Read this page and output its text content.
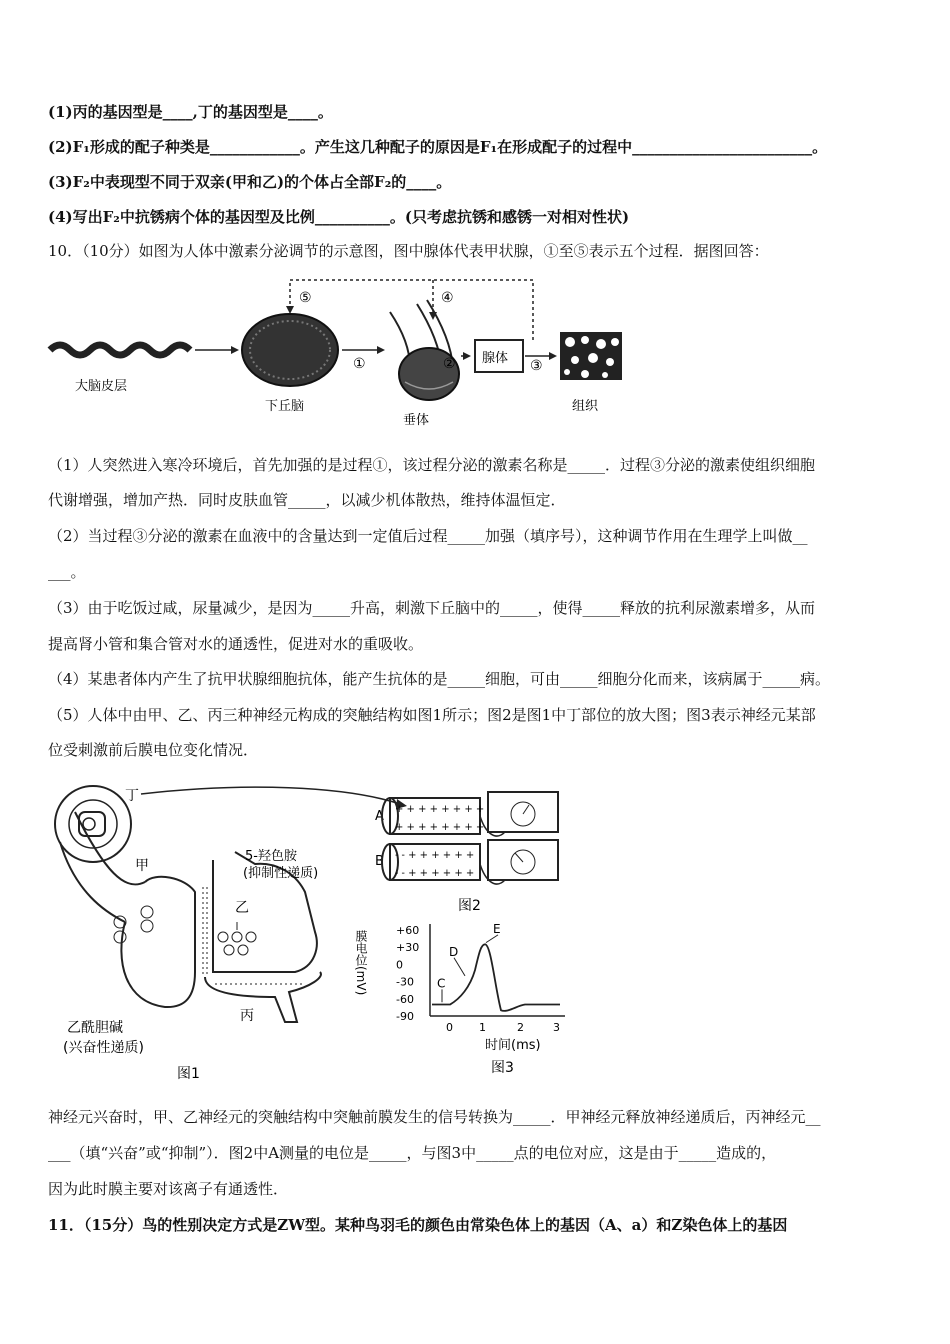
(1)丙的基因型是____,丁的基因型是____。
(2)F₁形成的配子种类是____________。产生这几种配子的原因是F₁在形成配子的过程中________________________。
(3)F₂中表现型不同于双亲(甲和乙)的个体占全部F₂的____。
(4)写出F₂中抗锈病个体的基因型及比例__________。(只考虑抗锈和感锈一对相对性状)
10．（10分）如图为人体中激素分泌调节的示意图，图中腺体代表甲状腺，①至⑤表示五个过程．据图回答：
大脑皮层
下丘脑
①
垂体
② 腺体 ③
组织
⑤	④
（1）人突然进入寒冷环境后，首先加强的是过程①，该过程分泌的激素名称是_____．过程③分泌的激素使组织细胞
代谢增强，增加产热．同时皮肤血管_____，以减少机体散热，维持体温恒定．
（2）当过程③分泌的激素在血液中的含量达到一定值后过程_____加强（填序号），这种调节作用在生理学上叫做__
___。
（3）由于吃饭过咸，尿量减少，是因为_____升高，刺激下丘脑中的_____，使得_____释放的抗利尿激素增多，从而
提高肾小管和集合管对水的通透性，促进对水的重吸收。
（4）某患者体内产生了抗甲状腺细胞抗体，能产生抗体的是_____细胞，可由_____细胞分化而来，该病属于_____病。
（5）人体中由甲、乙、丙三种神经元构成的突触结构如图1所示；图2是图1中丁部位的放大图；图3表示神经元某部
位受刺激前后膜电位变化情况．
丁
甲
乙
5-羟色胺
(抑制性递质)
丙
乙酰胆碱
(兴奋性递质)
图1
A + + + + + + + +
+ + + + + + + +
B - - + + + + + +
- - + + + + + +
图2
膜电位(mV)	+60
+30
0
-30
-60
-90
0 1	2	3
C
D
E
时间(ms)
图3
神经元兴奋时，甲、乙神经元的突触结构中突触前膜发生的信号转换为_____．甲神经元释放神经递质后，丙神经元__
___（填“兴奋”或“抑制”）．图2中A测量的电位是_____，与图3中_____点的电位对应，这是由于_____造成的，
因为此时膜主要对该离子有通透性．
11．（15分）鸟的性别决定方式是ZW型。某种鸟羽毛的颜色由常染色体上的基因（A、a）和Z染色体上的基因
